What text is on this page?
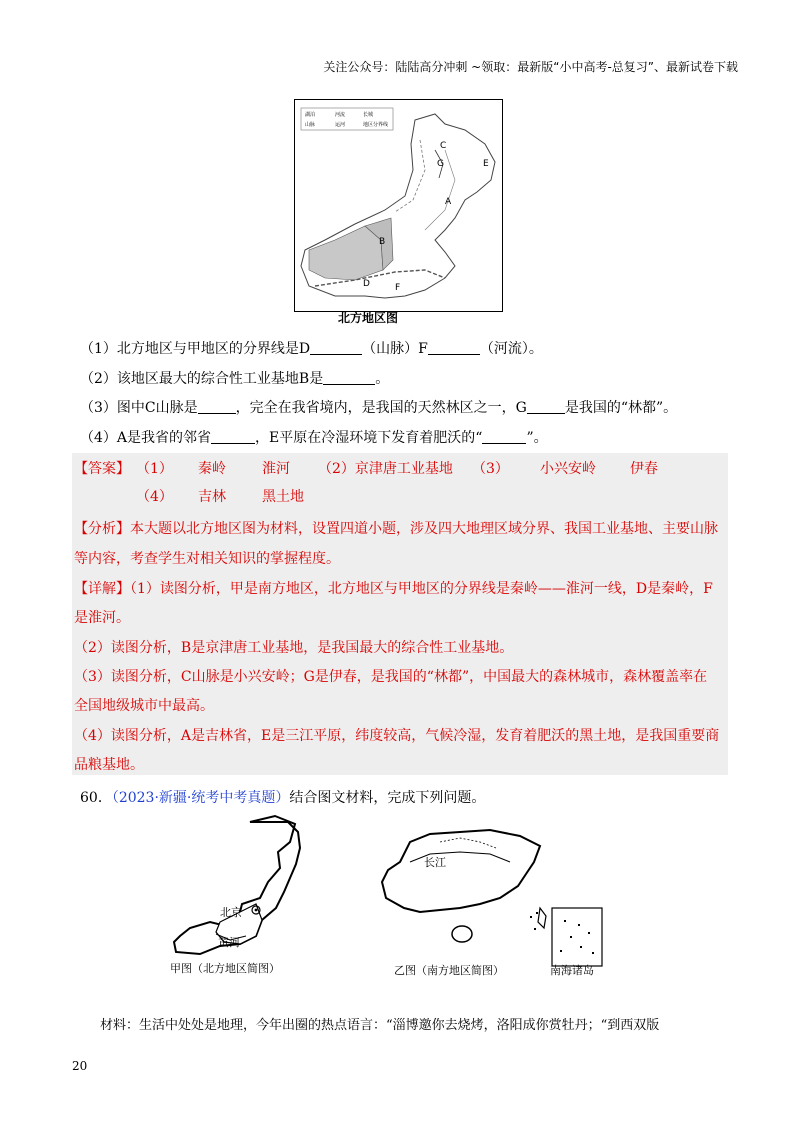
关注公众号：陆陆高分冲刺 ~领取：最新版“小中高考-总复习”、最新试卷下载
湖泊	河流	长城
山脉	运河	地区分界线
C
G	E
A
B
D	F
北方地区图
（1）北方地区与甲地区的分界线是D	（山脉）F	（河流）。
（2）该地区最大的综合性工业基地B是	。
（3）图中C山脉是	，完全在我省境内，是我国的天然林区之一，G	是我国的“林都”。
（4）A是我省的邻省	，E平原在冷湿环境下发育着肥沃的“	”。
【答案】 （1） 秦岭	淮河 （2）京津唐工业基地 （3） 小兴安岭 伊春
（4） 吉林	黑土地
【分析】本大题以北方地区图为材料，设置四道小题，涉及四大地理区域分界、我国工业基地、主要山脉
等内容，考查学生对相关知识的掌握程度。
【详解】（1）读图分析，甲是南方地区，北方地区与甲地区的分界线是秦岭——淮河一线，D是秦岭，F
是淮河。
（2）读图分析，B是京津唐工业基地，是我国最大的综合性工业基地。
（3）读图分析，C山脉是小兴安岭；G是伊春，是我国的“林都”，中国最大的森林城市，森林覆盖率在
全国地级城市中最高。
（4）读图分析，A是吉林省，E是三江平原，纬度较高，气候冷湿，发育着肥沃的黑土地，是我国重要商
品粮基地。
60．（2023·新疆·统考中考真题）结合图文材料，完成下列问题。
北京
黄河
甲图（北方地区简图）
长江
乙图（南方地区简图）	南海诸岛
材料：生活中处处是地理，今年出圈的热点语言：“淄博邀你去烧烤，洛阳成你赏牡丹；“到西双版
20
